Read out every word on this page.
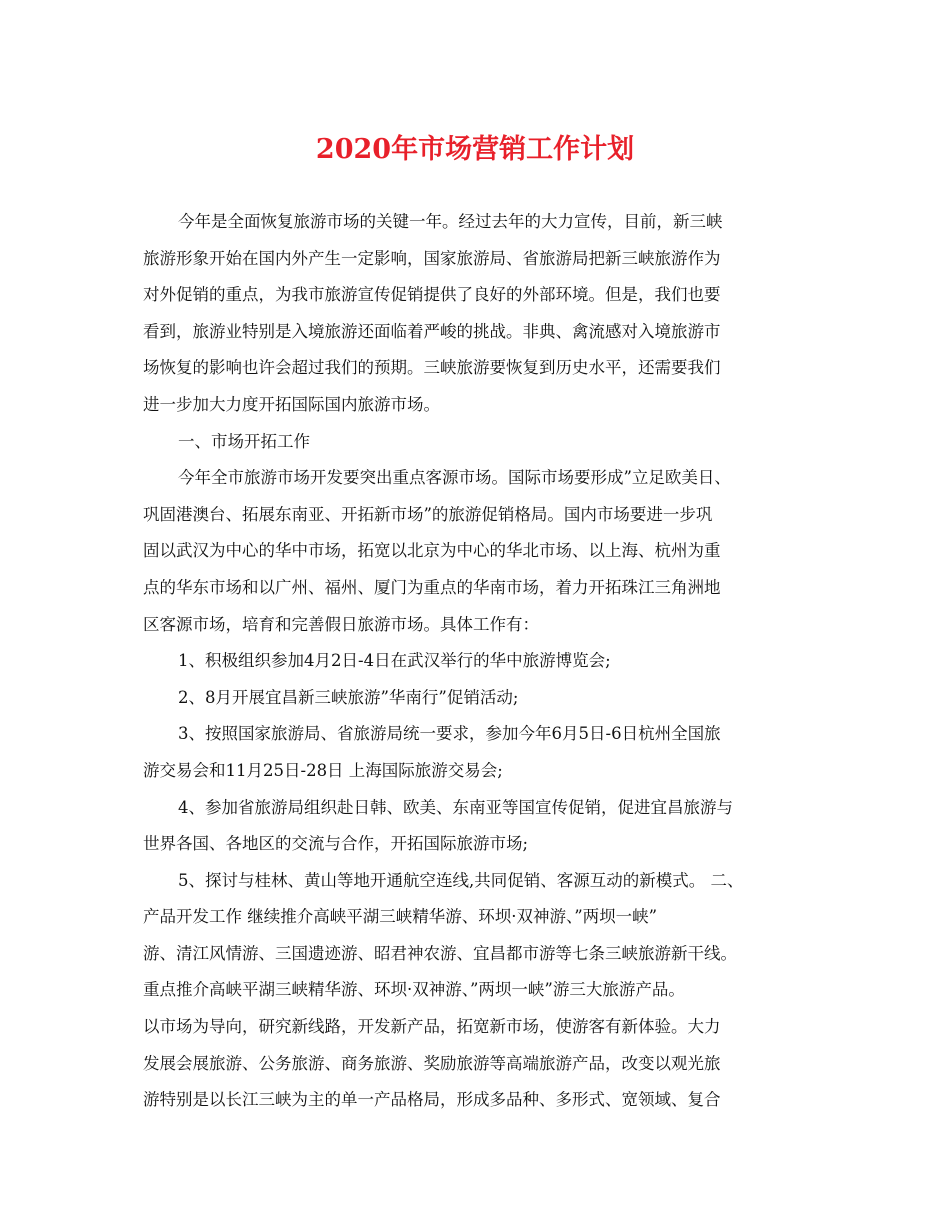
2020年市场营销工作计划
今年是全面恢复旅游市场的关键一年。经过去年的大力宣传，目前，新三峡
旅游形象开始在国内外产生一定影响，国家旅游局、省旅游局把新三峡旅游作为
对外促销的重点，为我市旅游宣传促销提供了良好的外部环境。但是，我们也要
看到，旅游业特别是入境旅游还面临着严峻的挑战。非典、禽流感对入境旅游市
场恢复的影响也许会超过我们的预期。三峡旅游要恢复到历史水平，还需要我们
进一步加大力度开拓国际国内旅游市场。
一、市场开拓工作
今年全市旅游市场开发要突出重点客源市场。国际市场要形成”立足欧美日、
巩固港澳台、拓展东南亚、开拓新市场”的旅游促销格局。国内市场要进一步巩
固以武汉为中心的华中市场，拓宽以北京为中心的华北市场、以上海、杭州为重
点的华东市场和以广州、福州、厦门为重点的华南市场，着力开拓珠江三角洲地
区客源市场，培育和完善假日旅游市场。具体工作有：
1、积极组织参加4月2日-4日在武汉举行的华中旅游博览会;
2、8月开展宜昌新三峡旅游”华南行”促销活动;
3、按照国家旅游局、省旅游局统一要求，参加今年6月5日-6日杭州全国旅
游交易会和11月25日-28日 上海国际旅游交易会;
4、参加省旅游局组织赴日韩、欧美、东南亚等国宣传促销，促进宜昌旅游与
世界各国、各地区的交流与合作，开拓国际旅游市场;
5、探讨与桂林、黄山等地开通航空连线,共同促销、客源互动的新模式。 二、
产品开发工作 继续推介高峡平湖三峡精华游、环坝·双神游、”两坝一峡”
游、清江风情游、三国遗迹游、昭君神农游、宜昌都市游等七条三峡旅游新干线。
重点推介高峡平湖三峡精华游、环坝·双神游、”两坝一峡”游三大旅游产品。
以市场为导向，研究新线路，开发新产品，拓宽新市场，使游客有新体验。大力
发展会展旅游、公务旅游、商务旅游、奖励旅游等高端旅游产品，改变以观光旅
游特别是以长江三峡为主的单一产品格局，形成多品种、多形式、宽领域、复合
